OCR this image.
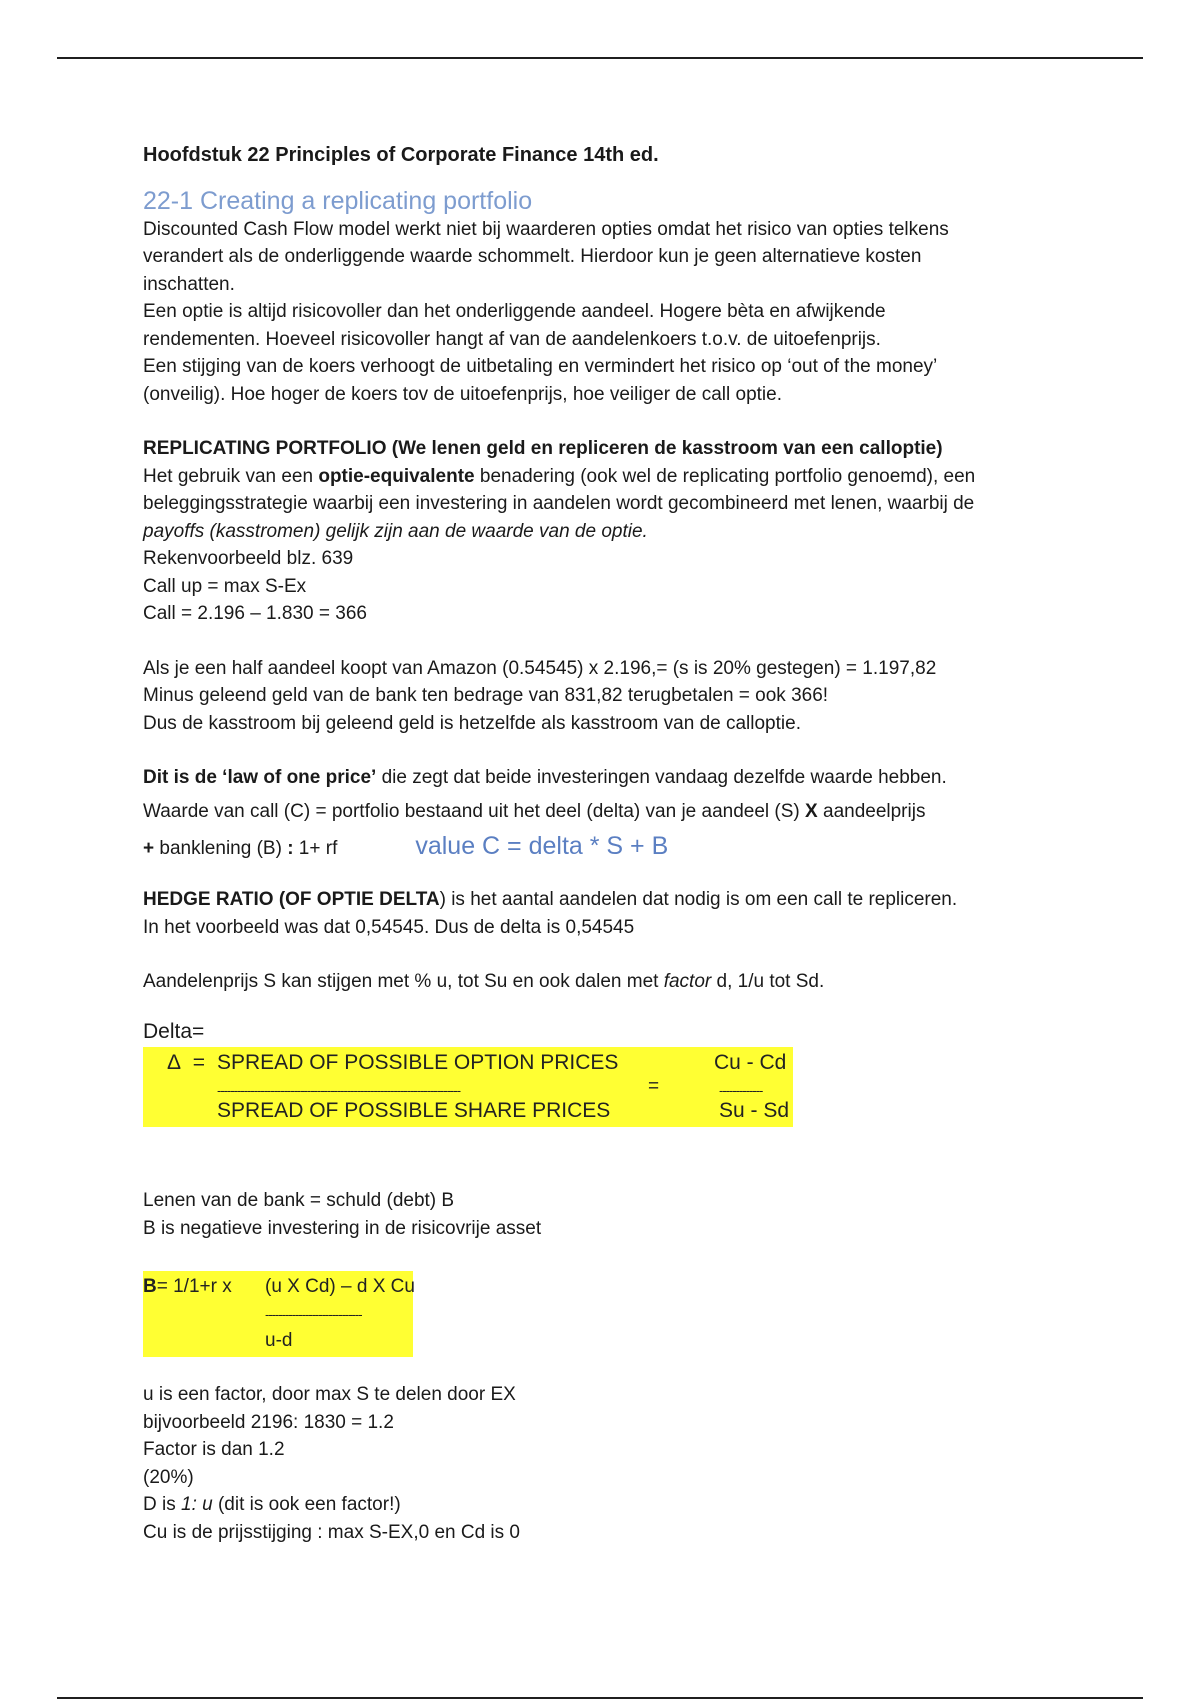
Hoofdstuk 22 Principles of Corporate Finance 14th ed.
22-1 Creating a replicating portfolio
Discounted Cash Flow model werkt niet bij waarderen opties omdat het risico van opties telkens
verandert als de onderliggende waarde schommelt. Hierdoor kun je geen alternatieve kosten
inschatten.
Een optie is altijd risicovoller dan het onderliggende aandeel. Hogere bèta en afwijkende
rendementen. Hoeveel risicovoller hangt af van de aandelenkoers t.o.v. de uitoefenprijs.
Een stijging van de koers verhoogt de uitbetaling en vermindert het risico op ‘out of the money’
(onveilig). Hoe hoger de koers tov de uitoefenprijs, hoe veiliger de call optie.
REPLICATING PORTFOLIO (We lenen geld en repliceren de kasstroom van een calloptie)
Het gebruik van een optie-equivalente benadering (ook wel de replicating portfolio genoemd), een
beleggingsstrategie waarbij een investering in aandelen wordt gecombineerd met lenen, waarbij de
payoffs (kasstromen) gelijk zijn aan de waarde van de optie.
Rekenvoorbeeld blz. 639
Call up = max S-Ex
Call = 2.196 – 1.830 = 366
Als je een half aandeel koopt van Amazon (0.54545) x 2.196,= (s is 20% gestegen) = 1.197,82
Minus geleend geld van de bank ten bedrage van 831,82 terugbetalen = ook 366!
Dus de kasstroom bij geleend geld is hetzelfde als kasstroom van de calloptie.
Dit is de ‘law of one price’ die zegt dat beide investeringen vandaag dezelfde waarde hebben.
Waarde van call (C) = portfolio bestaand uit het deel (delta) van je aandeel (S) X aandeelprijs
+ banklening (B) : 1+ rf	value C = delta * S + B
HEDGE RATIO (OF OPTIE DELTA) is het aantal aandelen dat nodig is om een call te repliceren.
In het voorbeeld was dat 0,54545. Dus de delta is 0,54545
Aandelenprijs S kan stijgen met % u, tot Su en ook dalen met factor d, 1/u tot Sd.
Delta=
Δ = SPREAD OF POSSIBLE OPTION PRICES
-------------------------------------------------------------------------	=
SPREAD OF POSSIBLE SHARE PRICES
Cu - Cd
-------------
Su - Sd
Lenen van de bank = schuld (debt) B
B is negatieve investering in de risicovrije asset
B= 1/1+r x (u X Cd) – d X Cu
-----------------------------
u-d
u is een factor, door max S te delen door EX
bijvoorbeeld 2196: 1830 = 1.2
Factor is dan 1.2
(20%)
D is 1: u (dit is ook een factor!)
Cu is de prijsstijging : max S-EX,0 en Cd is 0
